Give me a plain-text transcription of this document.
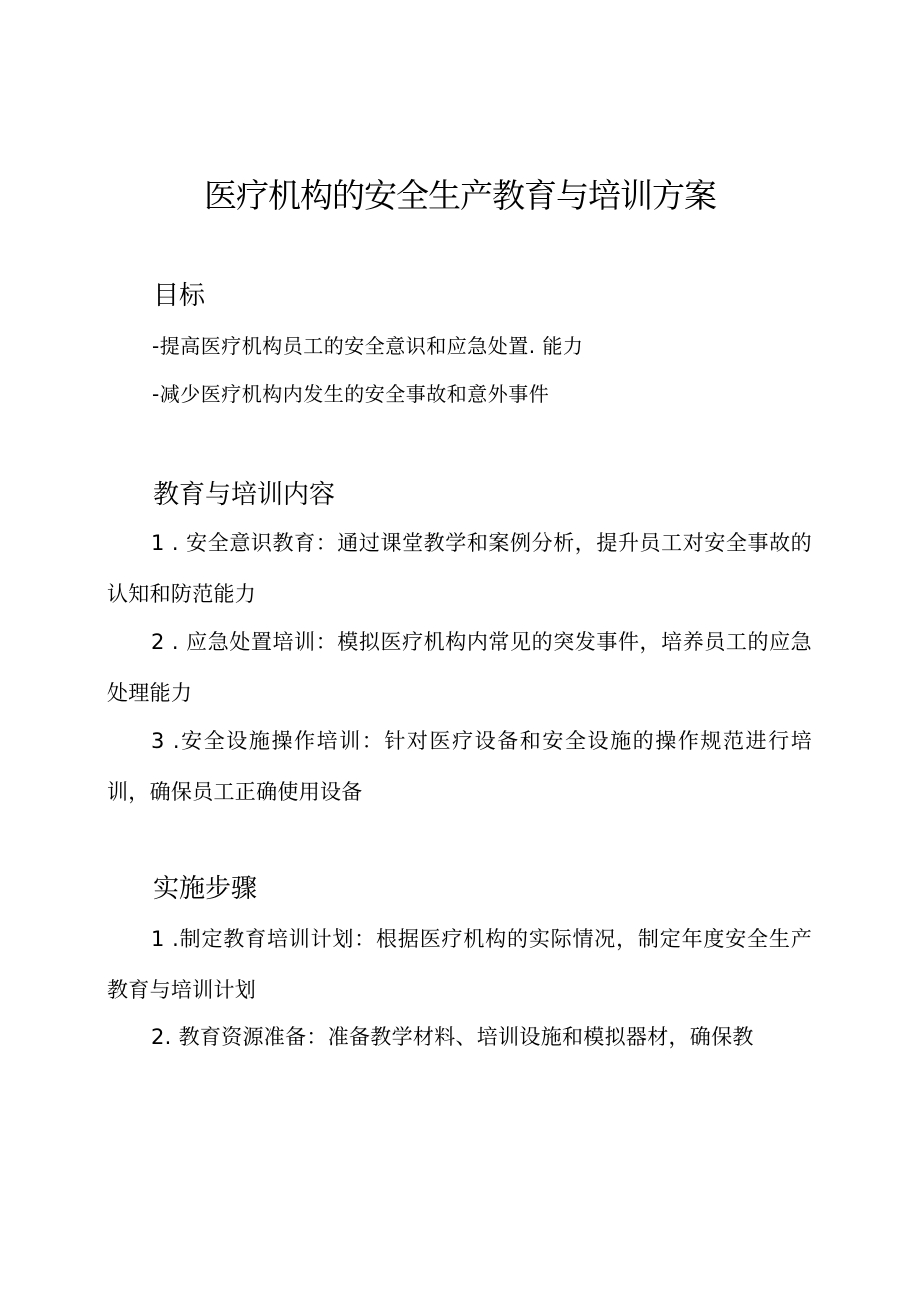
医疗机构的安全生产教育与培训方案
目标

-提高医疗机构员工的安全意识和应急处置. 能力

-减少医疗机构内发生的安全事故和意外事件

教育与培训内容

1 . 安全意识教育：通过课堂教学和案例分析，提升员工对安全事故的认知和防范能力

2 . 应急处置培训：模拟医疗机构内常见的突发事件，培养员工的应急处理能力

3 .安全设施操作培训：针对医疗设备和安全设施的操作规范进行培训，确保员工正确使用设备

实施步骤

1 .制定教育培训计划：根据医疗机构的实际情况，制定年度安全生产教育与培训计划

2. 教育资源准备：准备教学材料、培训设施和模拟器材，确保教
